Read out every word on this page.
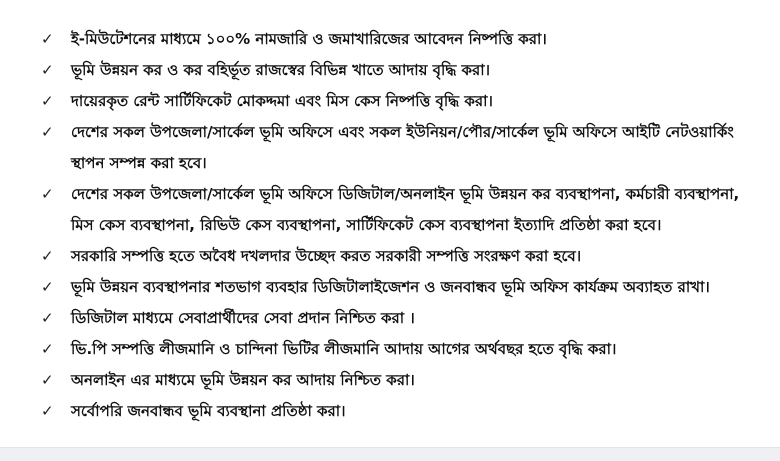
✓	ই-মিউটেশনের মাধ্যমে ১০০% নামজারি ও জমাখারিজের আবেদন নিষ্পত্তি করা।
✓	ভূমি উন্নয়ন কর ও কর বহির্ভূত রাজস্বের বিভিন্ন খাতে আদায় বৃদ্ধি করা।
✓	দায়েরকৃত রেন্ট সার্টিফিকেট মোকদ্দমা এবং মিস কেস নিষ্পত্তি বৃদ্ধি করা।
✓	দেশের সকল উপজেলা/সার্কেল ভূমি অফিসে এবং সকল ইউনিয়ন/পৌর/সার্কেল ভূমি অফিসে আইটি নেটওয়ার্কিং স্থাপন সম্পন্ন করা হবে।
✓	দেশের সকল উপজেলা/সার্কেল ভূমি অফিসে ডিজিটাল/অনলাইন ভূমি উন্নয়ন কর ব্যবস্থাপনা, কর্মচারী ব্যবস্থাপনা, মিস কেস ব্যবস্থাপনা, রিভিউ কেস ব্যবস্থাপনা, সার্টিফিকেট কেস ব্যবস্থাপনা ইত্যাদি প্রতিষ্ঠা করা হবে।
✓	সরকারি সম্পত্তি হতে অবৈধ দখলদার উচ্ছেদ করত সরকারী সম্পত্তি সংরক্ষণ করা হবে।
✓	ভূমি উন্নয়ন ব্যবস্থাপনার শতভাগ ব্যবহার ডিজিটালাইজেশন ও জনবান্ধব ভূমি অফিস কার্যক্রম অব্যাহত রাখা।
✓	ডিজিটাল মাধ্যমে সেবাপ্রার্থীদের সেবা প্রদান নিশ্চিত করা ।
✓	ভি.পি সম্পত্তি লীজমানি ও চান্দিনা ভিটির লীজমানি আদায় আগের অর্থবছর হতে বৃদ্ধি করা।
✓	অনলাইন এর মাধ্যমে ভূমি উন্নয়ন কর আদায় নিশ্চিত করা।
✓	সর্বোপরি জনবান্ধব ভূমি ব্যবস্থানা প্রতিষ্ঠা করা।
